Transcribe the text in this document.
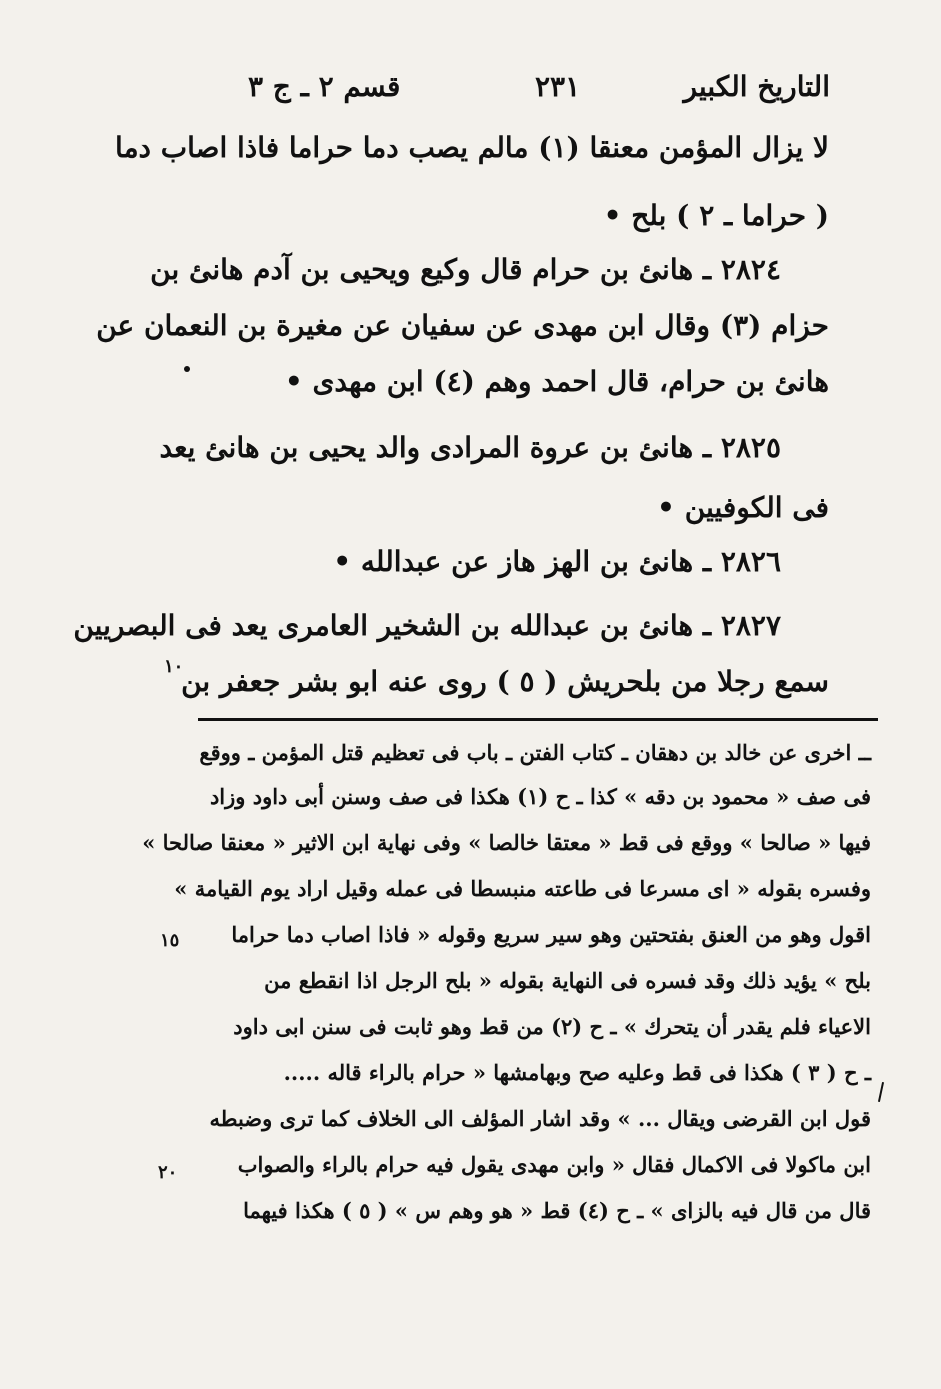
التاريخ الكبير
٢٣١
قسم ٢ ـ ج ٣
لا يزال المؤمن معنقا (١) مالم يصب دما حراما فاذا اصاب دما
( حراما ـ ٢ ) بلح •
٢٨٢٤ ـ هانئ بن حرام قال وكيع ويحيى بن آدم هانئ بن
حزام (٣) وقال ابن مهدى عن سفيان عن مغيرة بن النعمان عن
هانئ بن حرام، قال احمد وهم (٤) ابن مهدى •
٢٨٢٥ ـ هانئ بن عروة المرادى والد يحيى بن هانئ يعد
فى الكوفيين •
٢٨٢٦ ـ هانئ بن الهز هاز عن عبدالله •
٢٨٢٧ ـ هانئ بن عبدالله بن الشخير العامرى يعد فى البصريين
سمع رجلا من بلحريش ( ٥ ) روى عنه ابو بشر جعفر بن
١٠
ــ اخرى عن خالد بن دهقان ـ كتاب الفتن ـ باب فى تعظيم قتل المؤمن ـ ووقع
فى صف « محمود بن دقه » كذا ـ ح (١) هكذا فى صف وسنن أبى داود وزاد
فيها « صالحا » ووقع فى قط « معتقا خالصا » وفى نهاية ابن الاثير « معنقا صالحا »
وفسره بقوله « اى مسرعا فى طاعته منبسطا فى عمله وقيل اراد يوم القيامة »
اقول وهو من العنق بفتحتين وهو سير سريع وقوله « فاذا اصاب دما حراما
بلح » يؤيد ذلك وقد فسره فى النهاية بقوله « بلح الرجل اذا انقطع من
الاعياء فلم يقدر أن يتحرك » ـ ح (٢) من قط وهو ثابت فى سنن ابى داود
ـ ح ( ٣ ) هكذا فى قط وعليه صح وبهامشها « حرام بالراء قاله .....
قول ابن القرضى ويقال ... » وقد اشار المؤلف الى الخلاف كما ترى وضبطه
ابن ماكولا فى الاكمال فقال « وابن مهدى يقول فيه حرام بالراء والصواب
قال من قال فيه بالزاى » ـ ح (٤) قط « هو وهم س » ( ٥ ) هكذا فيهما
١٥
٢٠
